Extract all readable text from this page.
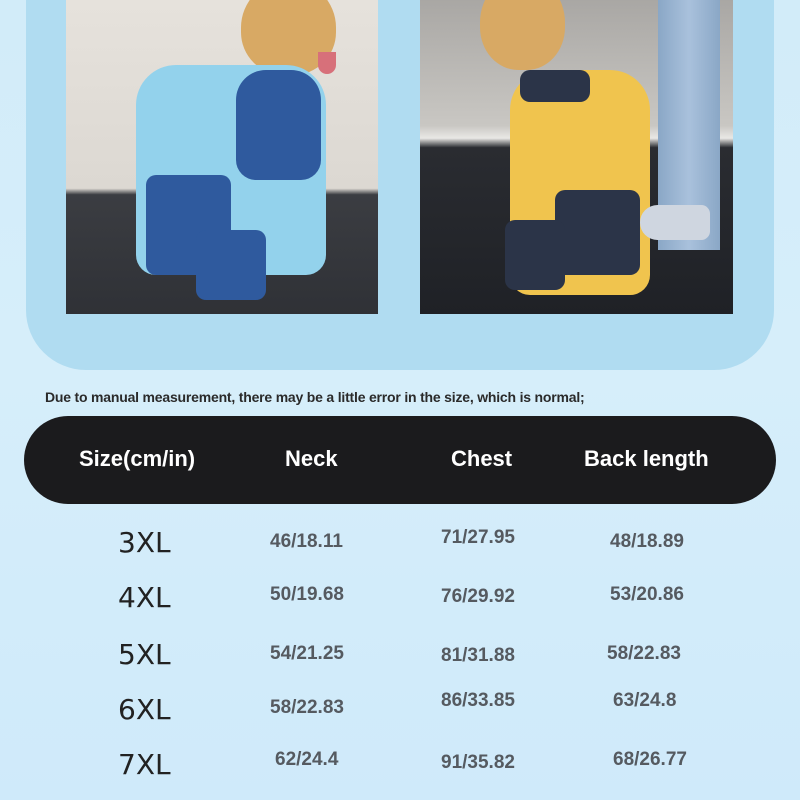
Due to manual measurement, there may be a little error in the size, which is normal;
Size(cm/in)	Neck	Chest	Back length
3XL	46/18.11	71/27.95	48/18.89
4XL	50/19.68	76/29.92	53/20.86
5XL	54/21.25	81/31.88	58/22.83
6XL	58/22.83	86/33.85	63/24.8
7XL	62/24.4	91/35.82	68/26.77
